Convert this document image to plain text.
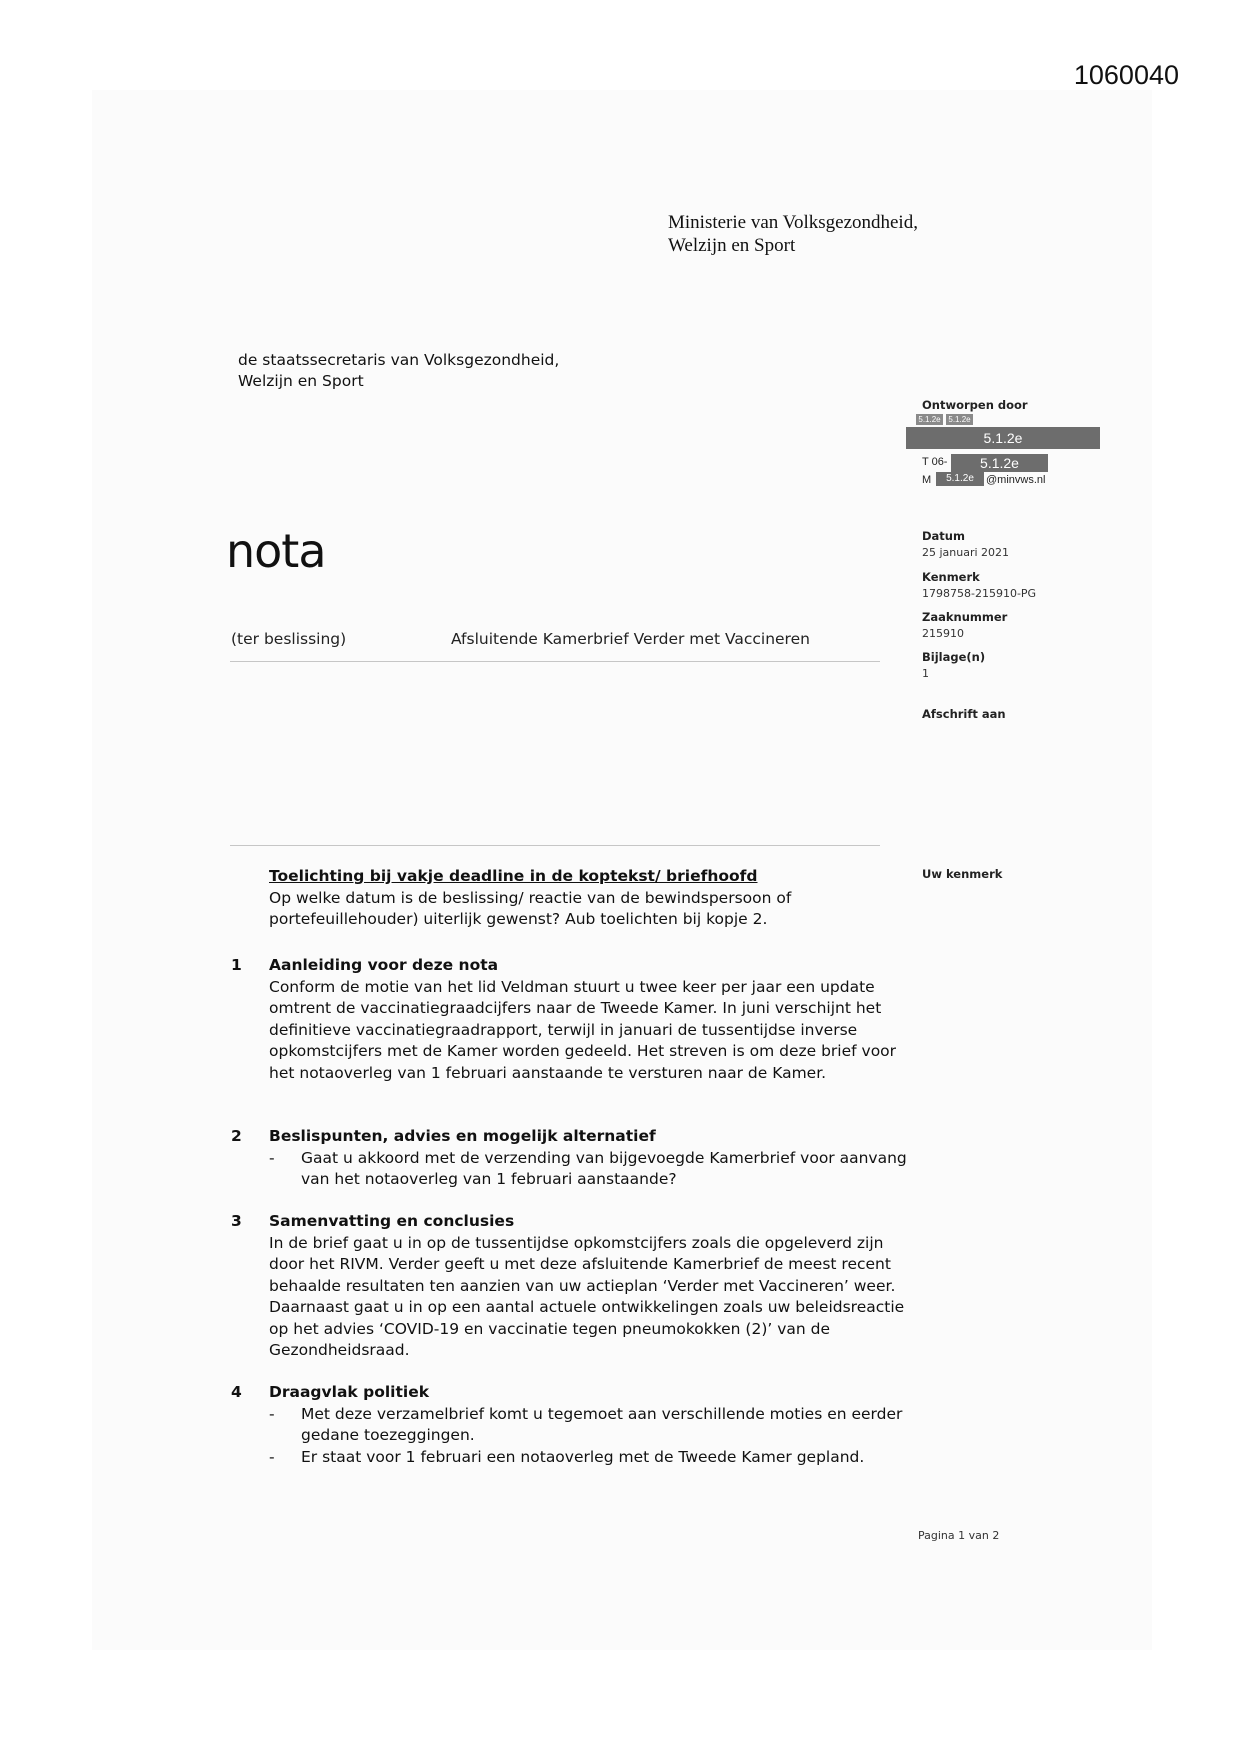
1060040
Ministerie van Volksgezondheid,
Welzijn en Sport
de staatssecretaris van Volksgezondheid,
Welzijn en Sport
Ontworpen door
5.1.2e 5.1.2e
5.1.2e
T 06-	5.1.2e
M	5.1.2e	@minvws.nl
Datum
25 januari 2021
Kenmerk
1798758-215910-PG
Zaaknummer
215910
Bijlage(n)
1
Afschrift aan
Uw kenmerk
nota
(ter beslissing)	Afsluitende Kamerbrief Verder met Vaccineren
Toelichting bij vakje deadline in de koptekst/ briefhoofd
Op welke datum is de beslissing/ reactie van de bewindspersoon of portefeuillehouder) uiterlijk gewenst? Aub toelichten bij kopje 2.
1 Aanleiding voor deze nota
Conform de motie van het lid Veldman stuurt u twee keer per jaar een update omtrent de vaccinatiegraadcijfers naar de Tweede Kamer. In juni verschijnt het definitieve vaccinatiegraadrapport, terwijl in januari de tussentijdse inverse opkomstcijfers met de Kamer worden gedeeld. Het streven is om deze brief voor het notaoverleg van 1 februari aanstaande te versturen naar de Kamer.
2 Beslispunten, advies en mogelijk alternatief
- Gaat u akkoord met de verzending van bijgevoegde Kamerbrief voor aanvang van het notaoverleg van 1 februari aanstaande?
3 Samenvatting en conclusies
In de brief gaat u in op de tussentijdse opkomstcijfers zoals die opgeleverd zijn door het RIVM. Verder geeft u met deze afsluitende Kamerbrief de meest recent behaalde resultaten ten aanzien van uw actieplan ‘Verder met Vaccineren’ weer. Daarnaast gaat u in op een aantal actuele ontwikkelingen zoals uw beleidsreactie op het advies ‘COVID-19 en vaccinatie tegen pneumokokken (2)’ van de Gezondheidsraad.
4 Draagvlak politiek
- Met deze verzamelbrief komt u tegemoet aan verschillende moties en eerder gedane toezeggingen.
- Er staat voor 1 februari een notaoverleg met de Tweede Kamer gepland.
Pagina 1 van 2
